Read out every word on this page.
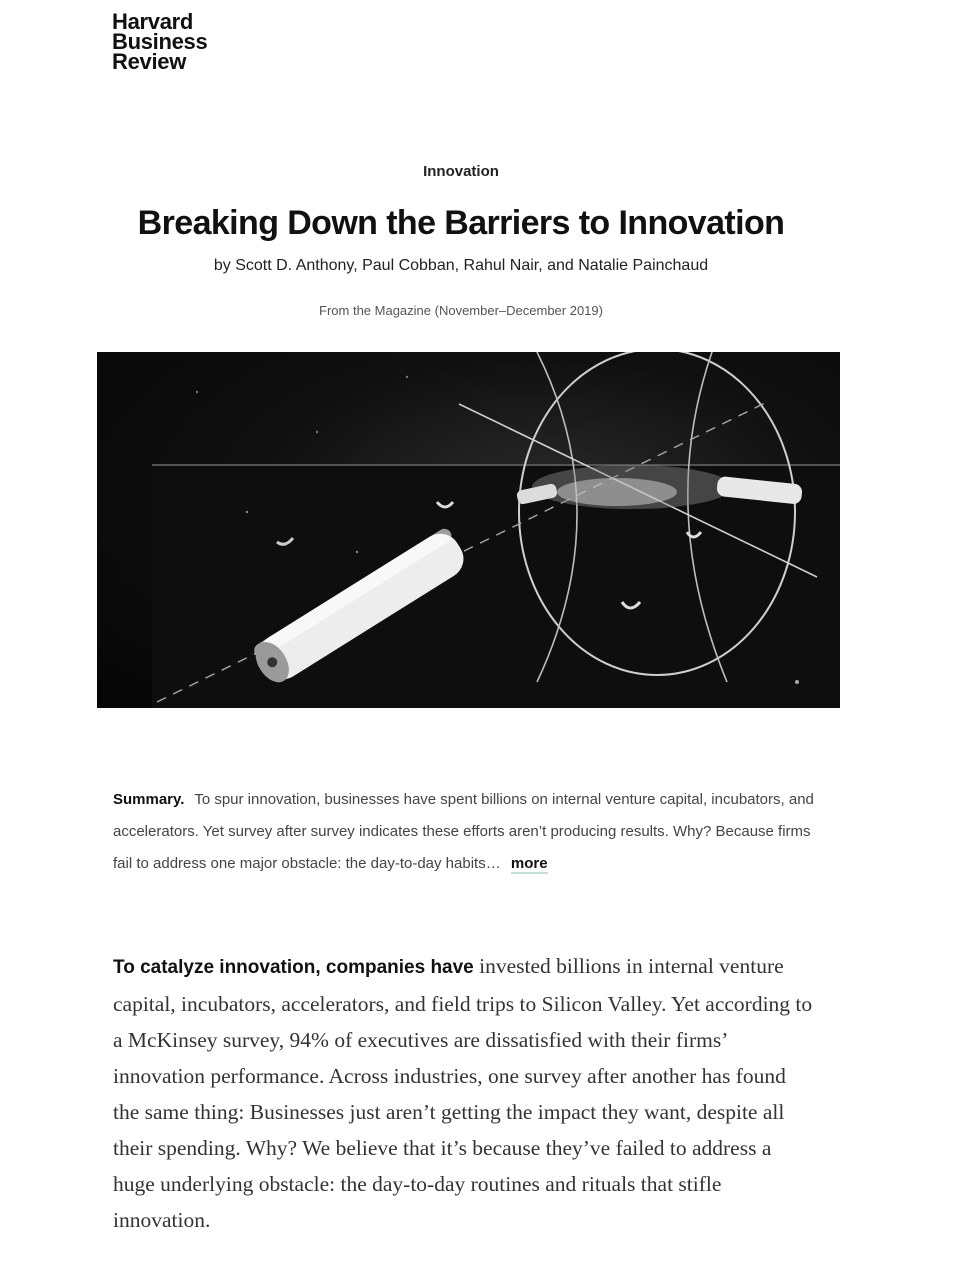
Harvard
Business
Review
Innovation
Breaking Down the Barriers to Innovation
by Scott D. Anthony, Paul Cobban, Rahul Nair, and Natalie Painchaud
From the Magazine (November–December 2019)
Summary. To spur innovation, businesses have spent billions on internal venture capital, incubators, and accelerators. Yet survey after survey indicates these efforts aren’t producing results. Why? Because firms fail to address one major obstacle: the day-to-day habits… more
To catalyze innovation, companies have invested billions in internal venture capital, incubators, accelerators, and field trips to Silicon Valley. Yet according to a McKinsey survey, 94% of executives are dissatisfied with their firms’ innovation performance. Across industries, one survey after another has found the same thing: Businesses just aren’t getting the impact they want, despite all their spending. Why? We believe that it’s because they’ve failed to address a huge underlying obstacle: the day-to-day routines and rituals that stifle innovation.
